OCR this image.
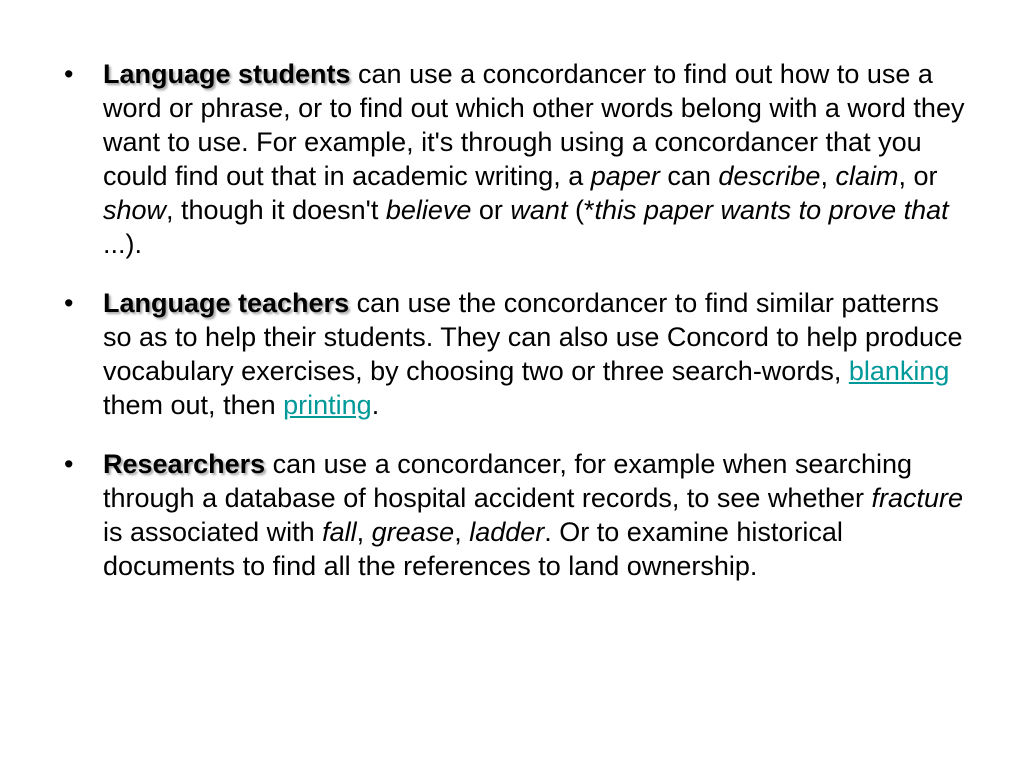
•	Language students can use a concordancer to find out how to use a word or phrase, or to find out which other words belong with a word they want to use. For example, it's through using a concordancer that you could find out that in academic writing, a paper can describe, claim, or show, though it doesn't believe or want (*this paper wants to prove that ...).
•	Language teachers can use the concordancer to find similar patterns so as to help their students. They can also use Concord to help produce vocabulary exercises, by choosing two or three search-words, blanking them out, then printing.
•	Researchers can use a concordancer, for example when searching through a database of hospital accident records, to see whether fracture is associated with fall, grease, ladder. Or to examine historical documents to find all the references to land ownership.
